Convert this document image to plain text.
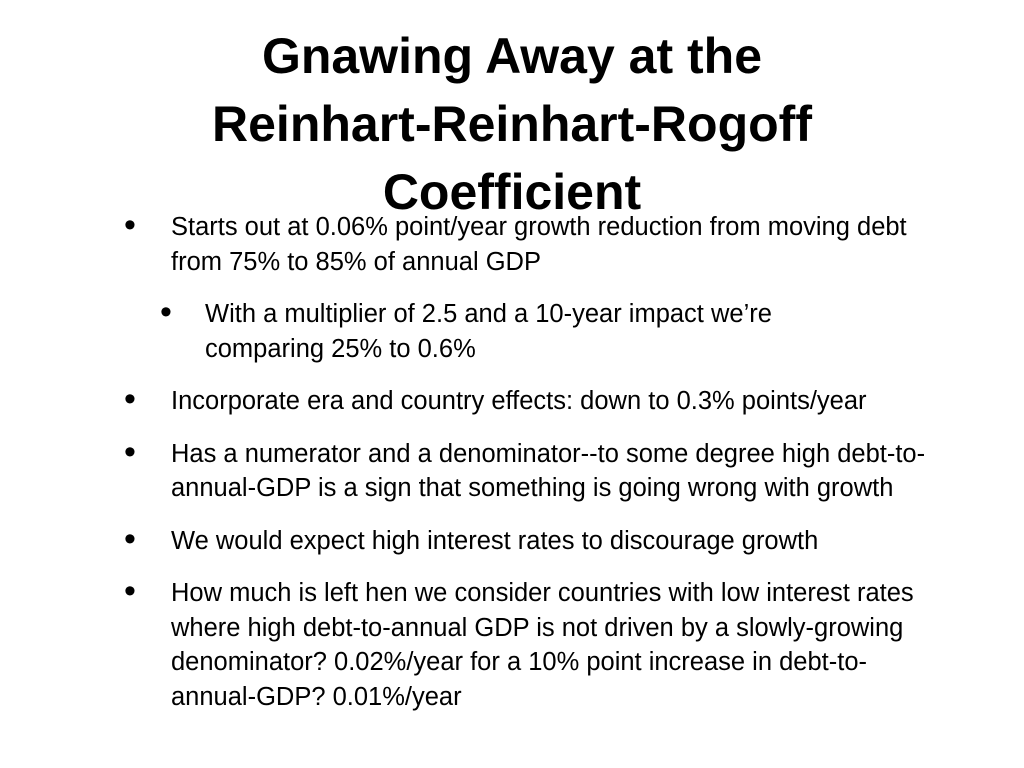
Gnawing Away at the
Reinhart-Reinhart-Rogoff
Coefficient
• Starts out at 0.06% point/year growth reduction from moving debt from 75% to 85% of annual GDP
• With a multiplier of 2.5 and a 10-year impact we’re comparing 25% to 0.6%
• Incorporate era and country effects: down to 0.3% points/year
• Has a numerator and a denominator--to some degree high debt-to-annual-GDP is a sign that something is going wrong with growth
• We would expect high interest rates to discourage growth
• How much is left hen we consider countries with low interest rates where high debt-to-annual GDP is not driven by a slowly-growing denominator? 0.02%/year for a 10% point increase in debt-to-annual-GDP? 0.01%/year
